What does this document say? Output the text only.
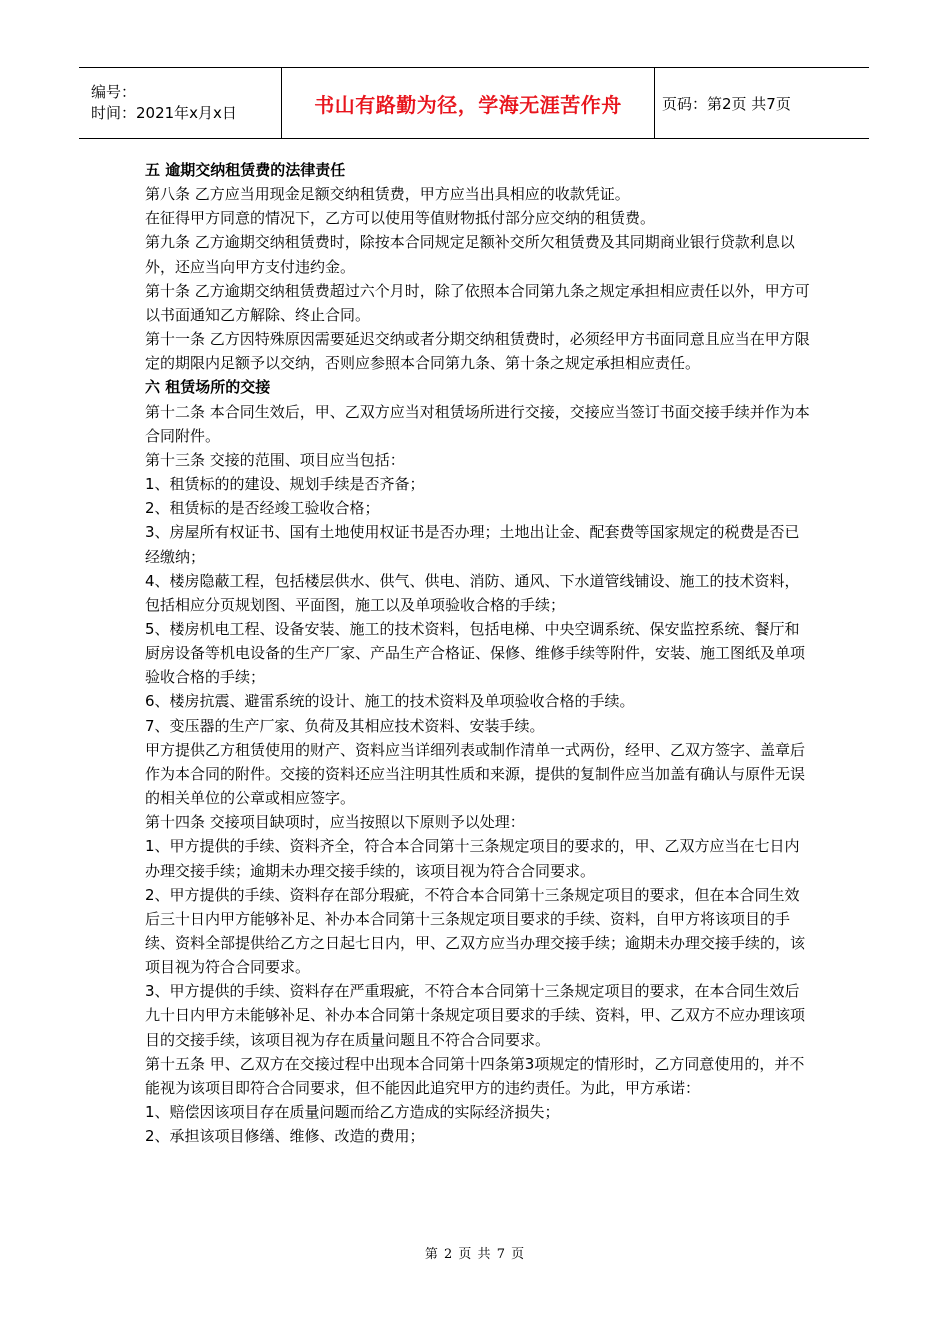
编号：
时间：2021年x月x日	书山有路勤为径，学海无涯苦作舟	页码：第2页 共7页

五 逾期交纳租赁费的法律责任

第八条 乙方应当用现金足额交纳租赁费，甲方应当出具相应的收款凭证。

在征得甲方同意的情况下，乙方可以使用等值财物抵付部分应交纳的租赁费。

第九条 乙方逾期交纳租赁费时，除按本合同规定足额补交所欠租赁费及其同期商业银行贷款利息以外，还应当向甲方支付违约金。

第十条 乙方逾期交纳租赁费超过六个月时，除了依照本合同第九条之规定承担相应责任以外，甲方可以书面通知乙方解除、终止合同。

第十一条 乙方因特殊原因需要延迟交纳或者分期交纳租赁费时，必须经甲方书面同意且应当在甲方限定的期限内足额予以交纳，否则应参照本合同第九条、第十条之规定承担相应责任。

六 租赁场所的交接

第十二条 本合同生效后，甲、乙双方应当对租赁场所进行交接，交接应当签订书面交接手续并作为本合同附件。

第十三条 交接的范围、项目应当包括：

1、租赁标的的建设、规划手续是否齐备；

2、租赁标的是否经竣工验收合格；

3、房屋所有权证书、国有土地使用权证书是否办理；土地出让金、配套费等国家规定的税费是否已经缴纳；

4、楼房隐蔽工程，包括楼层供水、供气、供电、消防、通风、下水道管线铺设、施工的技术资料，包括相应分页规划图、平面图，施工以及单项验收合格的手续；

5、楼房机电工程、设备安装、施工的技术资料，包括电梯、中央空调系统、保安监控系统、餐厅和厨房设备等机电设备的生产厂家、产品生产合格证、保修、维修手续等附件，安装、施工图纸及单项验收合格的手续；

6、楼房抗震、避雷系统的设计、施工的技术资料及单项验收合格的手续。

7、变压器的生产厂家、负荷及其相应技术资料、安装手续。

甲方提供乙方租赁使用的财产、资料应当详细列表或制作清单一式两份，经甲、乙双方签字、盖章后作为本合同的附件。交接的资料还应当注明其性质和来源，提供的复制件应当加盖有确认与原件无误的相关单位的公章或相应签字。

第十四条 交接项目缺项时，应当按照以下原则予以处理：

1、甲方提供的手续、资料齐全，符合本合同第十三条规定项目的要求的，甲、乙双方应当在七日内办理交接手续；逾期未办理交接手续的，该项目视为符合合同要求。

2、甲方提供的手续、资料存在部分瑕疵，不符合本合同第十三条规定项目的要求，但在本合同生效后三十日内甲方能够补足、补办本合同第十三条规定项目要求的手续、资料，自甲方将该项目的手续、资料全部提供给乙方之日起七日内，甲、乙双方应当办理交接手续；逾期未办理交接手续的，该项目视为符合合同要求。

3、甲方提供的手续、资料存在严重瑕疵，不符合本合同第十三条规定项目的要求，在本合同生效后九十日内甲方未能够补足、补办本合同第十条规定项目要求的手续、资料，甲、乙双方不应办理该项目的交接手续，该项目视为存在质量问题且不符合合同要求。

第十五条 甲、乙双方在交接过程中出现本合同第十四条第3项规定的情形时，乙方同意使用的，并不能视为该项目即符合合同要求，但不能因此追究甲方的违约责任。为此，甲方承诺：

1、赔偿因该项目存在质量问题而给乙方造成的实际经济损失；

2、承担该项目修缮、维修、改造的费用；

第 2 页 共 7 页
